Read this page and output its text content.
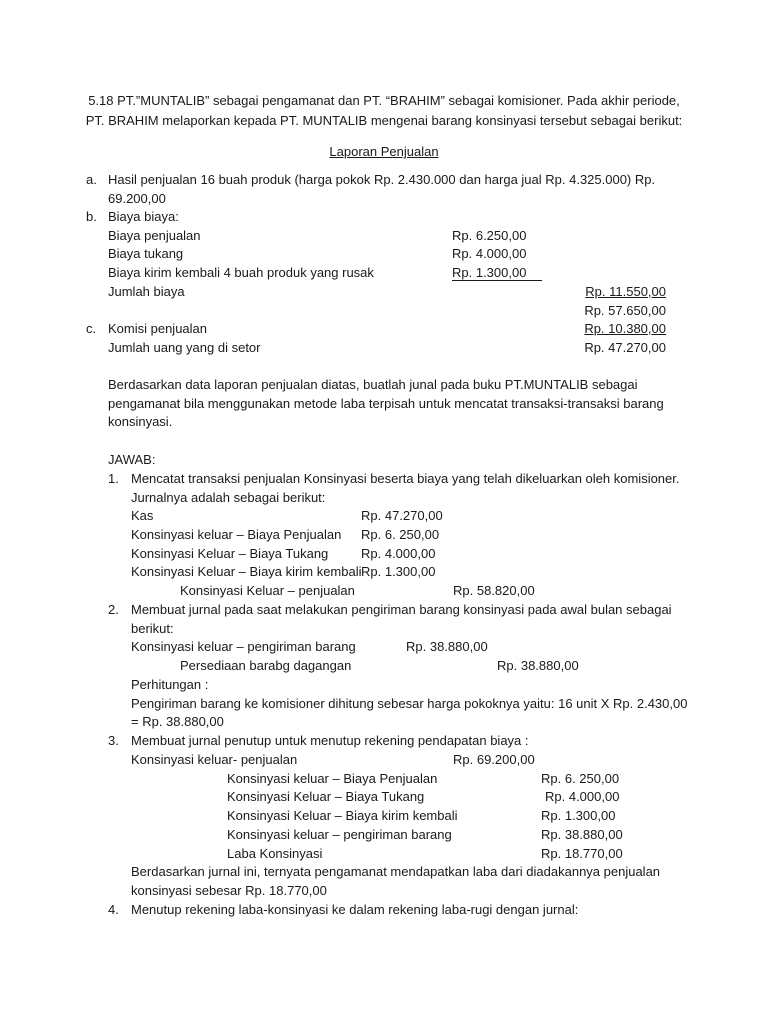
5.18 PT.”MUNTALIB” sebagai pengamanat dan PT. “BRAHIM” sebagai komisioner. Pada akhir periode,
PT. BRAHIM melaporkan kepada PT. MUNTALIB mengenai barang konsinyasi tersebut sebagai berikut:
Laporan Penjualan
a. Hasil penjualan 16 buah produk (harga pokok Rp. 2.430.000 dan harga jual Rp. 4.325.000) Rp.
69.200,00
b. Biaya biaya:
Biaya penjualan	Rp. 6.250,00
Biaya tukang	Rp. 4.000,00
Biaya kirim kembali 4 buah produk yang rusak	Rp. 1.300,00
Jumlah biaya	Rp. 11.550,00
Rp. 57.650,00
c. Komisi penjualan	Rp. 10.380,00
Jumlah uang yang di setor	Rp. 47.270,00
Berdasarkan data laporan penjualan diatas, buatlah junal pada buku PT.MUNTALIB sebagai
pengamanat bila menggunakan metode laba terpisah untuk mencatat transaksi-transaksi barang
konsinyasi.
JAWAB:
1. Mencatat transaksi penjualan Konsinyasi beserta biaya yang telah dikeluarkan oleh komisioner.
Jurnalnya adalah sebagai berikut:
Kas	Rp. 47.270,00
Konsinyasi keluar – Biaya Penjualan Rp. 6. 250,00
Konsinyasi Keluar – Biaya Tukang	Rp. 4.000,00
Konsinyasi Keluar – Biaya kirim kembali Rp. 1.300,00
Konsinyasi Keluar – penjualan	Rp. 58.820,00
2. Membuat jurnal pada saat melakukan pengiriman barang konsinyasi pada awal bulan sebagai
berikut:
Konsinyasi keluar – pengiriman barang	Rp. 38.880,00
Persediaan barabg dagangan	Rp. 38.880,00
Perhitungan :
Pengiriman barang ke komisioner dihitung sebesar harga pokoknya yaitu: 16 unit X Rp. 2.430,00
= Rp. 38.880,00
3. Membuat jurnal penutup untuk menutup rekening pendapatan biaya :
Konsinyasi keluar- penjualan	Rp. 69.200,00
Konsinyasi keluar – Biaya Penjualan	Rp. 6. 250,00
Konsinyasi Keluar – Biaya Tukang	Rp. 4.000,00
Konsinyasi Keluar – Biaya kirim kembali	Rp. 1.300,00
Konsinyasi keluar – pengiriman barang	Rp. 38.880,00
Laba Konsinyasi	Rp. 18.770,00
Berdasarkan jurnal ini, ternyata pengamanat mendapatkan laba dari diadakannya penjualan
konsinyasi sebesar Rp. 18.770,00
4. Menutup rekening laba-konsinyasi ke dalam rekening laba-rugi dengan jurnal:
